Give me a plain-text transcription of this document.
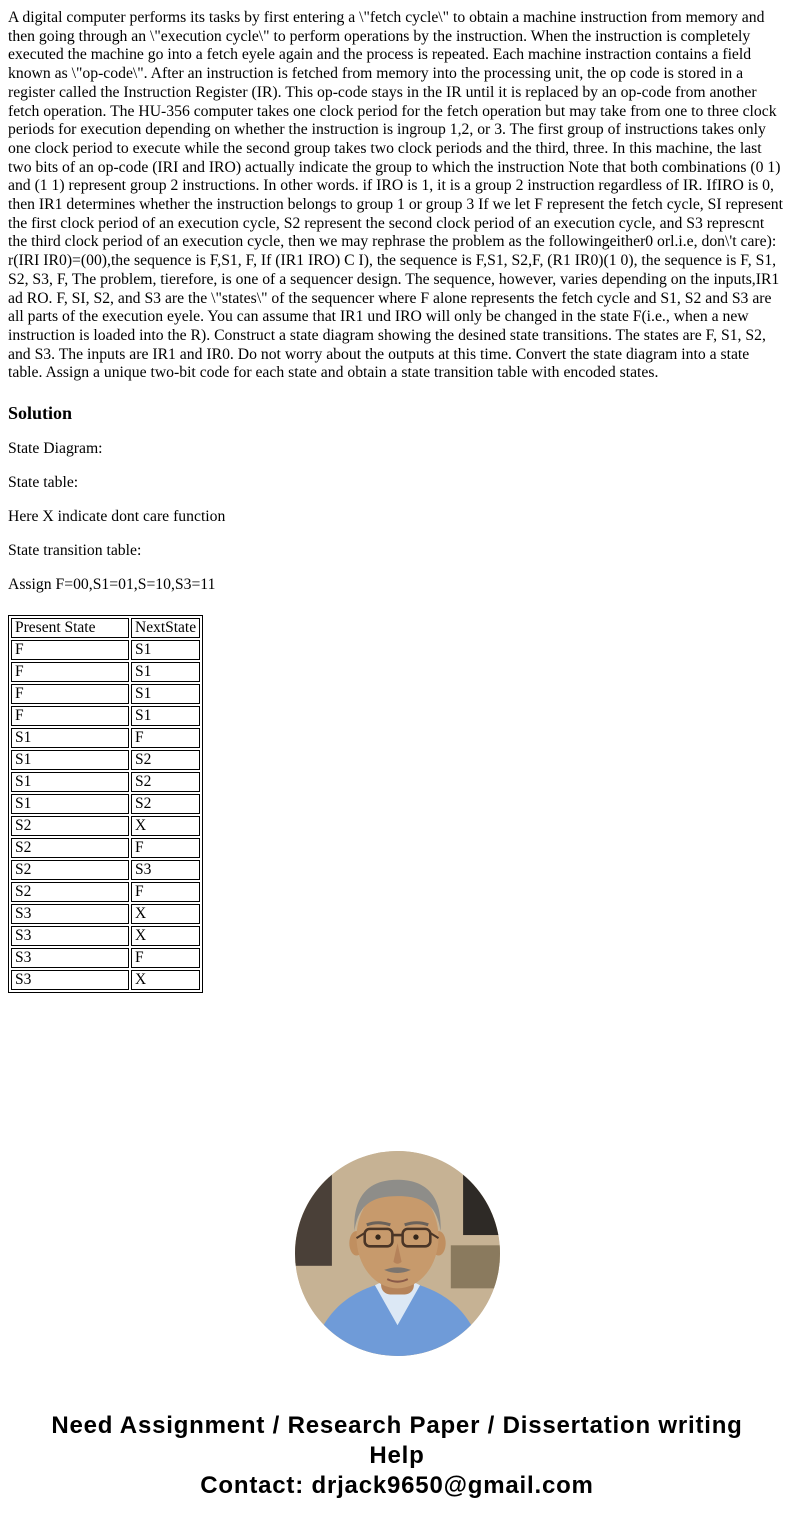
A digital computer performs its tasks by first entering a \"fetch cycle\" to obtain a machine instruction from memory and then going through an \"execution cycle\" to perform operations by the instruction. When the instruction is completely executed the machine go into a fetch eyele again and the process is repeated. Each machine instraction contains a field known as \"op-code\". After an instruction is fetched from memory into the processing unit, the op code is stored in a register called the Instruction Register (IR). This op-code stays in the IR until it is replaced by an op-code from another fetch operation. The HU-356 computer takes one clock period for the fetch operation but may take from one to three clock periods for execution depending on whether the instruction is ingroup 1,2, or 3. The first group of instructions takes only one clock period to execute while the second group takes two clock periods and the third, three. In this machine, the last two bits of an op-code (IRI and IRO) actually indicate the group to which the instruction Note that both combinations (0 1) and (1 1) represent group 2 instructions. In other words. if IRO is 1, it is a group 2 instruction regardless of IR. IfIRO is 0, then IR1 determines whether the instruction belongs to group 1 or group 3 If we let F represent the fetch cycle, SI represent the first clock period of an execution cycle, S2 represent the second clock period of an execution cycle, and S3 represcnt the third clock period of an execution cycle, then we may rephrase the problem as the followingeither0 orl.i.e, don\'t care): r(IRI IR0)=(00),the sequence is F,S1, F, If (IR1 IRO) C I), the sequence is F,S1, S2,F, (R1 IR0)(1 0), the sequence is F, S1, S2, S3, F, The problem, tierefore, is one of a sequencer design. The sequence, however, varies depending on the inputs,IR1 ad RO. F, SI, S2, and S3 are the \"states\" of the sequencer where F alone represents the fetch cycle and S1, S2 and S3 are all parts of the execution eyele. You can assume that IR1 und IRO will only be changed in the state F(i.e., when a new instruction is loaded into the R). Construct a state diagram showing the desined state transitions. The states are F, S1, S2, and S3. The inputs are IR1 and IR0. Do not worry about the outputs at this time. Convert the state diagram into a state table. Assign a unique two-bit code for each state and obtain a state transition table with encoded states.

Solution

State Diagram:

State table:

Here X indicate dont care function

State transition table:

Assign F=00,S1=01,S=10,S3=11

Present State	NextState
F	S1
F	S1
F	S1
F	S1
S1	F
S1	S2
S1	S2
S1	S2
S2	X
S2	F
S2	S3
S2	F
S3	X
S3	X
S3	F
S3	X
Need Assignment / Research Paper / Dissertation writing Help
Contact: drjack9650@gmail.com
